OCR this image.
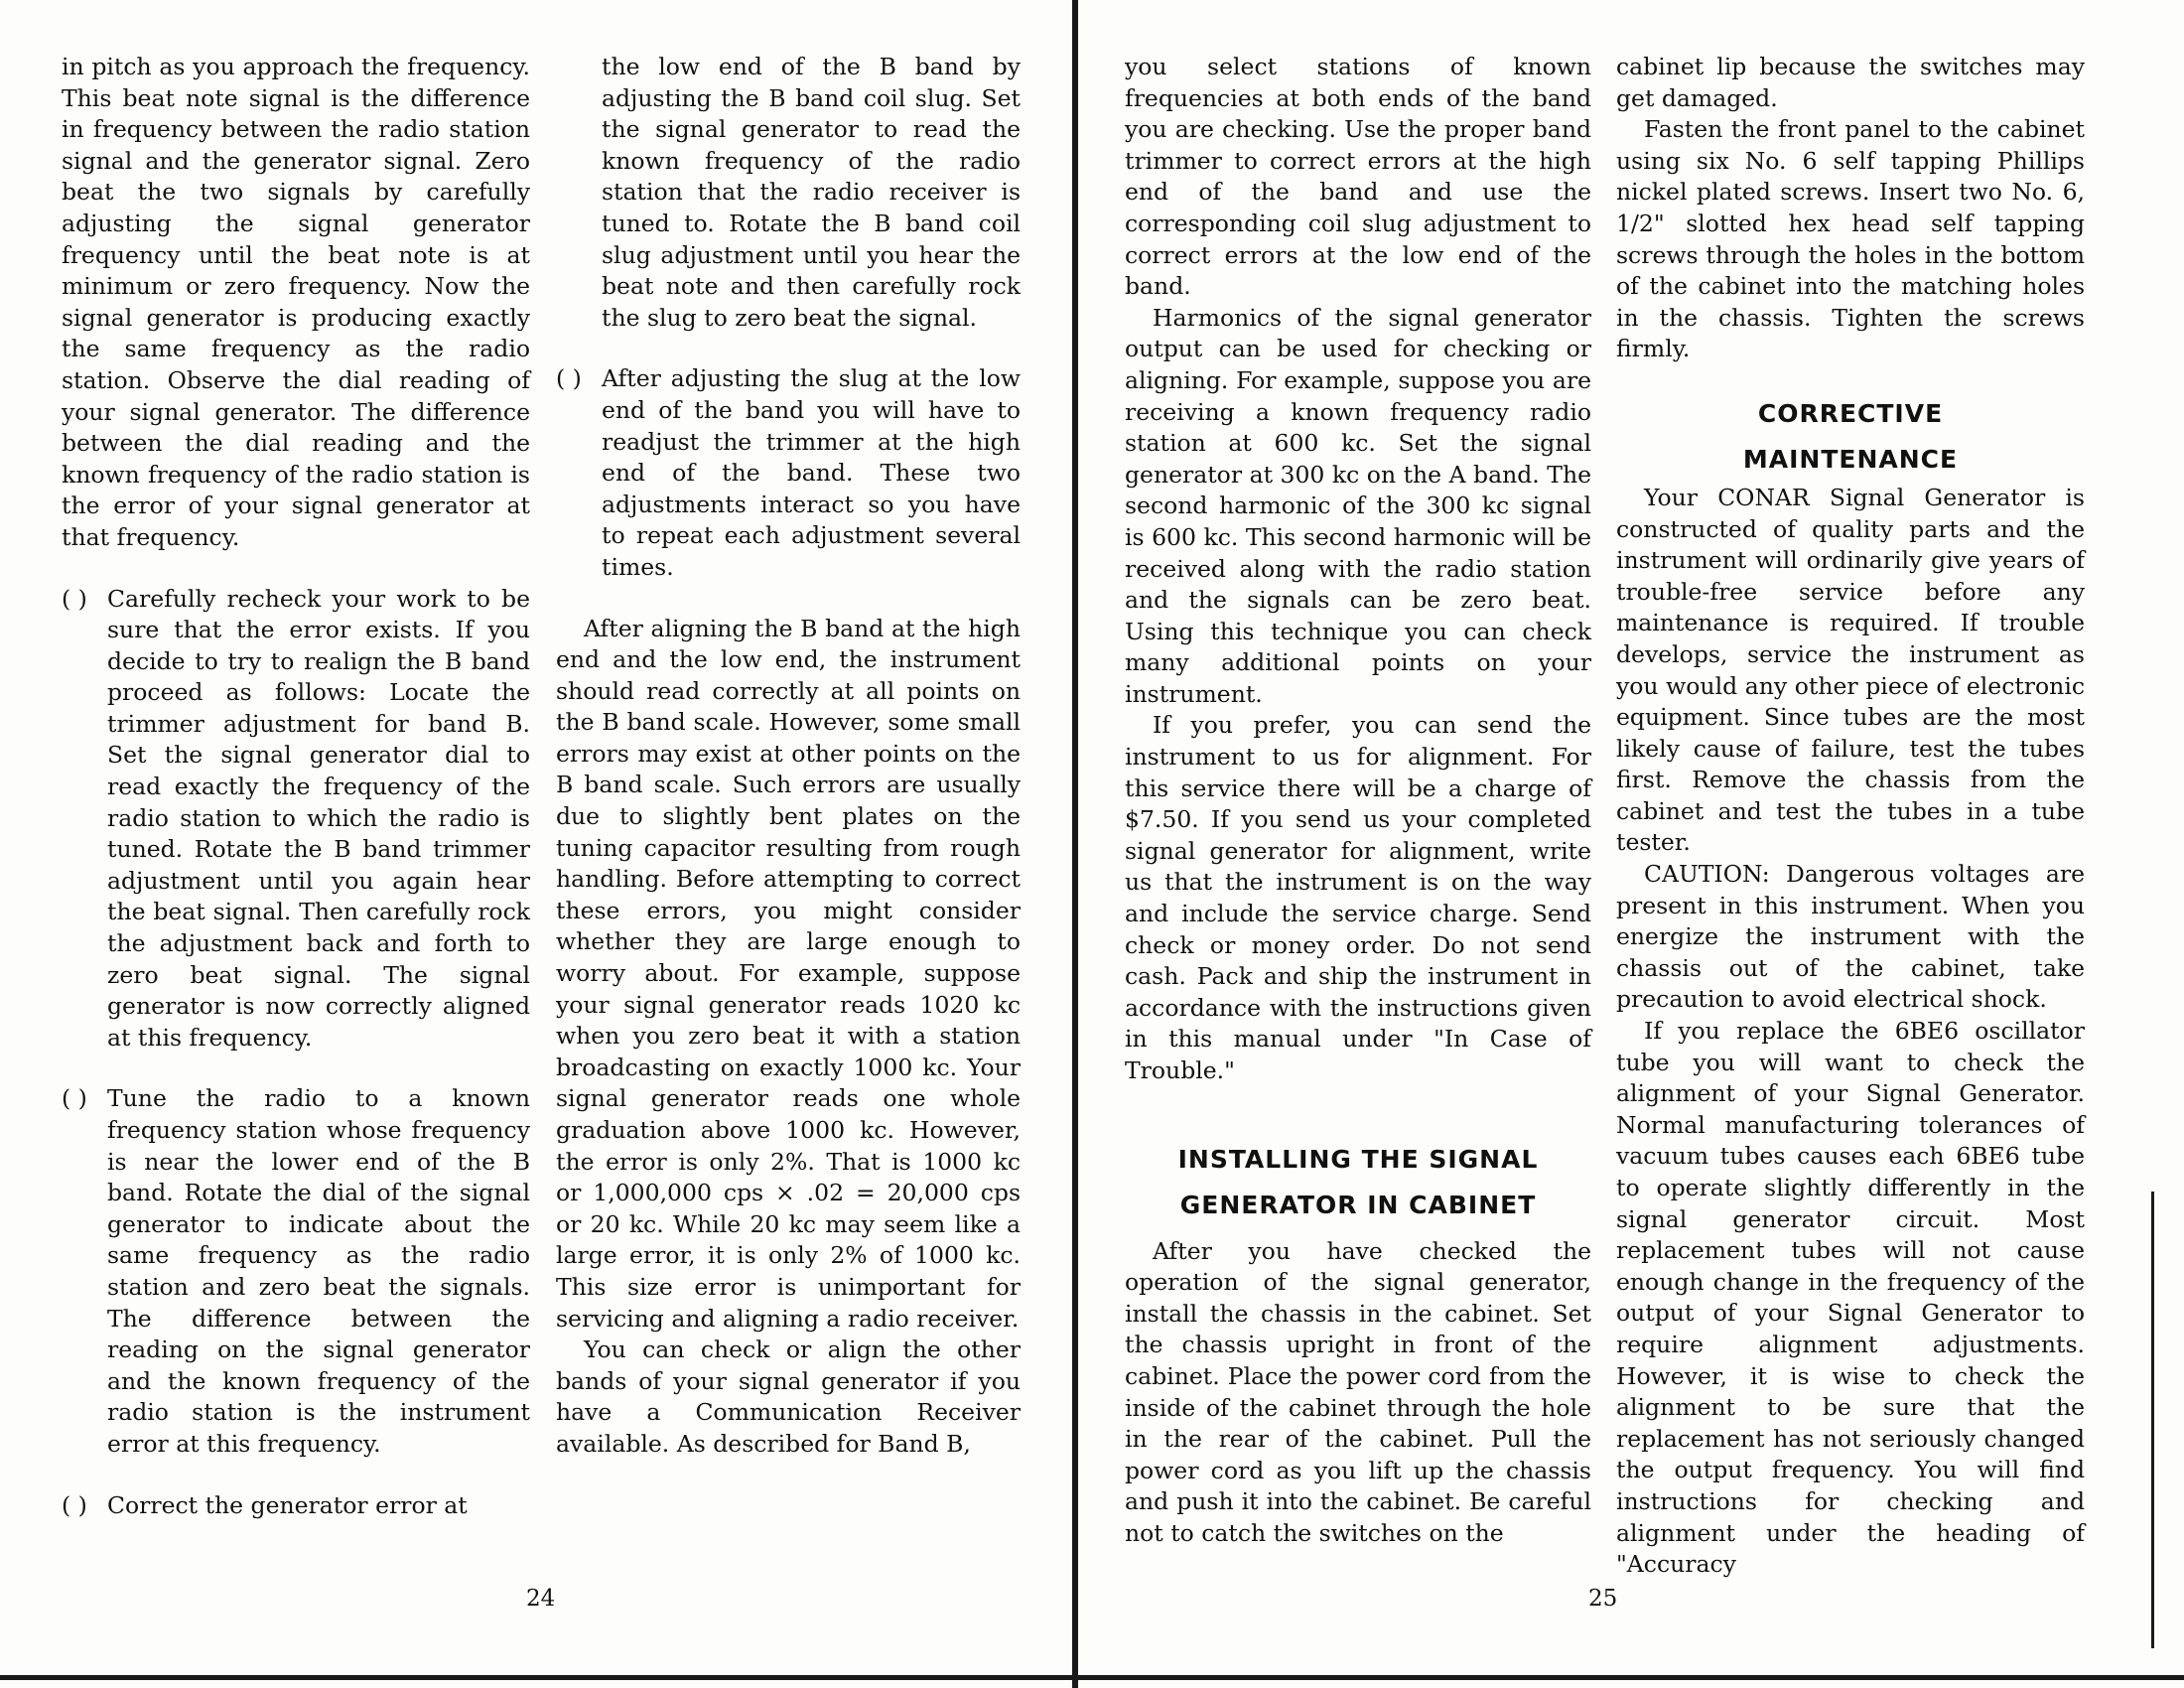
in pitch as you approach the frequency. This beat note signal is the difference in frequency between the radio station signal and the generator signal. Zero beat the two signals by carefully adjusting the signal generator frequency until the beat note is at minimum or zero frequency. Now the signal generator is producing exactly the same frequency as the radio station. Observe the dial reading of your signal generator. The difference between the dial reading and the known frequency of the radio station is the error of your signal generator at that frequency.

( ) Carefully recheck your work to be sure that the error exists. If you decide to try to realign the B band proceed as follows: Locate the trimmer adjustment for band B. Set the signal generator dial to read exactly the frequency of the radio station to which the radio is tuned. Rotate the B band trimmer adjustment until you again hear the beat signal. Then carefully rock the adjustment back and forth to zero beat signal. The signal generator is now correctly aligned at this frequency.
( ) Tune the radio to a known frequency station whose frequency is near the lower end of the B band. Rotate the dial of the signal generator to indicate about the same frequency as the radio station and zero beat the signals. The difference between the reading on the signal generator and the known frequency of the radio station is the instrument error at this frequency.
( ) Correct the generator error at

the low end of the B band by adjusting the B band coil slug. Set the signal generator to read the known frequency of the radio station that the radio receiver is tuned to. Rotate the B band coil slug adjustment until you hear the beat note and then carefully rock the slug to zero beat the signal.

( ) After adjusting the slug at the low end of the band you will have to readjust the trimmer at the high end of the band. These two adjustments interact so you have to repeat each adjustment several times.

After aligning the B band at the high end and the low end, the instrument should read correctly at all points on the B band scale. However, some small errors may exist at other points on the B band scale. Such errors are usually due to slightly bent plates on the tuning capacitor resulting from rough handling. Before attempting to correct these errors, you might consider whether they are large enough to worry about. For example, suppose your signal generator reads 1020 kc when you zero beat it with a station broadcasting on exactly 1000 kc. Your signal generator reads one whole graduation above 1000 kc. However, the error is only 2%. That is 1000 kc or 1,000,000 cps × .02 = 20,000 cps or 20 kc. While 20 kc may seem like a large error, it is only 2% of 1000 kc. This size error is unimportant for servicing and aligning a radio receiver.

You can check or align the other bands of your signal generator if you have a Communication Receiver available. As described for Band B,

you select stations of known frequencies at both ends of the band you are checking. Use the proper band trimmer to correct errors at the high end of the band and use the corresponding coil slug adjustment to correct errors at the low end of the band.

Harmonics of the signal generator output can be used for checking or aligning. For example, suppose you are receiving a known frequency radio station at 600 kc. Set the signal generator at 300 kc on the A band. The second harmonic of the 300 kc signal is 600 kc. This second harmonic will be received along with the radio station and the signals can be zero beat. Using this technique you can check many additional points on your instrument.

If you prefer, you can send the instrument to us for alignment. For this service there will be a charge of $7.50. If you send us your completed signal generator for alignment, write us that the instrument is on the way and include the service charge. Send check or money order. Do not send cash. Pack and ship the instrument in accordance with the instructions given in this manual under "In Case of Trouble."

INSTALLING THE SIGNAL
GENERATOR IN CABINET

After you have checked the operation of the signal generator, install the chassis in the cabinet. Set the chassis upright in front of the cabinet. Place the power cord from the inside of the cabinet through the hole in the rear of the cabinet. Pull the power cord as you lift up the chassis and push it into the cabinet. Be careful not to catch the switches on the

cabinet lip because the switches may get damaged.

Fasten the front panel to the cabinet using six No. 6 self tapping Phillips nickel plated screws. Insert two No. 6, 1/2" slotted hex head self tapping screws through the holes in the bottom of the cabinet into the matching holes in the chassis. Tighten the screws firmly.

CORRECTIVE
MAINTENANCE

Your CONAR Signal Generator is constructed of quality parts and the instrument will ordinarily give years of trouble-free service before any maintenance is required. If trouble develops, service the instrument as you would any other piece of electronic equipment. Since tubes are the most likely cause of failure, test the tubes first. Remove the chassis from the cabinet and test the tubes in a tube tester.

CAUTION: Dangerous voltages are present in this instrument. When you energize the instrument with the chassis out of the cabinet, take precaution to avoid electrical shock.

If you replace the 6BE6 oscillator tube you will want to check the alignment of your Signal Generator. Normal manufacturing tolerances of vacuum tubes causes each 6BE6 tube to operate slightly differently in the signal generator circuit. Most replacement tubes will not cause enough change in the frequency of the output of your Signal Generator to require alignment adjustments. However, it is wise to check the alignment to be sure that the replacement has not seriously changed the output frequency. You will find instructions for checking and alignment under the heading of "Accuracy

24	25
